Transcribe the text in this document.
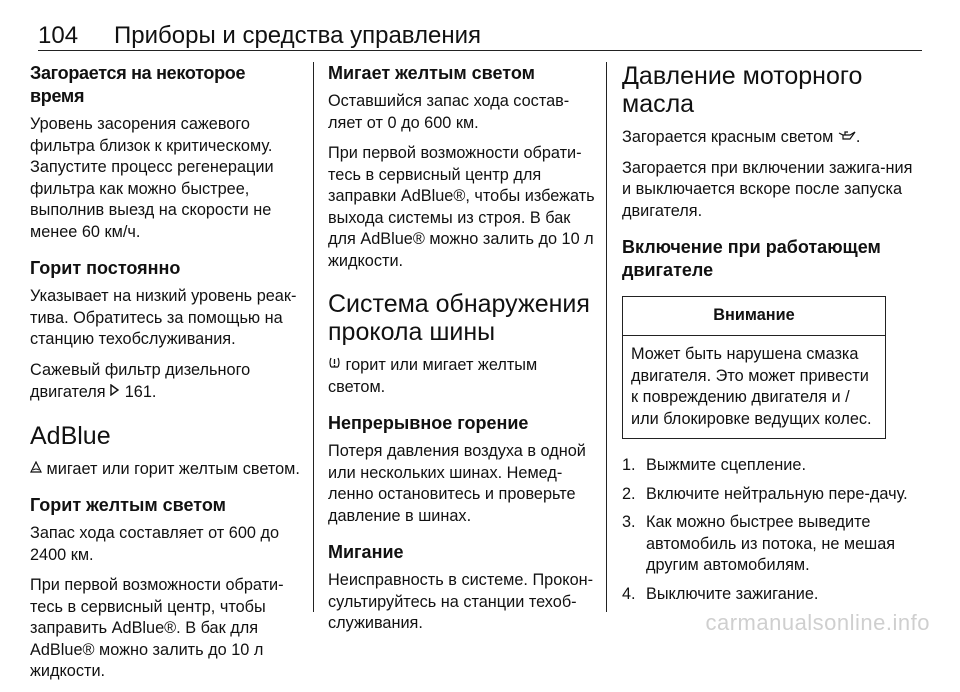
104 Приборы и средства управления
Загорается на некоторое время

Уровень засорения сажевого фильтра близок к критическому. Запустите процесс регенерации фильтра как можно быстрее, выполнив выезд на скорости не менее 60 км/ч.

Горит постоянно

Указывает на низкий уровень реак-тива. Обратитесь за помощью на станцию техобслуживания.

Сажевый фильтр дизельного двигателя 161.

AdBlue

мигает или горит желтым светом.

Горит желтым светом

Запас хода составляет от 600 до 2400 км.

При первой возможности обрати-тесь в сервисный центр, чтобы заправить AdBlue®. В бак для AdBlue® можно залить до 10 л жидкости.

Мигает желтым светом

Оставшийся запас хода состав-ляет от 0 до 600 км.

При первой возможности обрати-тесь в сервисный центр для заправки AdBlue®, чтобы избежать выхода системы из строя. В бак для AdBlue® можно залить до 10 л жидкости.

Система обнаружения прокола шины

горит или мигает желтым светом.

Непрерывное горение

Потеря давления воздуха в одной или нескольких шинах. Немед-ленно остановитесь и проверьте давление в шинах.

Мигание

Неисправность в системе. Прокон-сультируйтесь на станции техоб-служивания.

Давление моторного масла

Загорается красным светом .

Загорается при включении зажига-ния и выключается вскоре после запуска двигателя.

Включение при работающем двигателе
Внимание
Может быть нарушена смазка двигателя. Это может привести к повреждению двигателя и / или блокировке ведущих колес.
1. Выжмите сцепление.
2. Включите нейтральную пере-дачу.
3. Как можно быстрее выведите автомобиль из потока, не мешая другим автомобилям.
4. Выключите зажигание.
carmanualsonline.info
